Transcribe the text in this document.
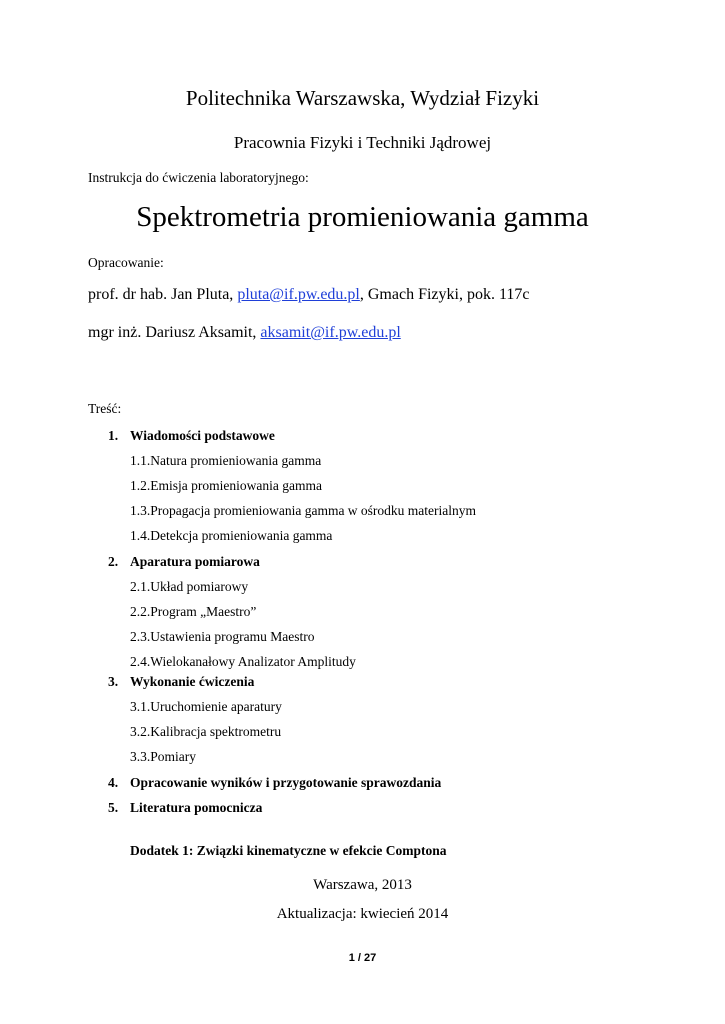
Politechnika Warszawska, Wydział Fizyki
Pracownia Fizyki i Techniki Jądrowej
Instrukcja do ćwiczenia laboratoryjnego:
Spektrometria promieniowania gamma
Opracowanie:
prof. dr hab. Jan Pluta, pluta@if.pw.edu.pl, Gmach Fizyki, pok. 117c
mgr inż. Dariusz Aksamit, aksamit@if.pw.edu.pl
Treść:
1. Wiadomości podstawowe
1.1.Natura promieniowania gamma
1.2.Emisja promieniowania gamma
1.3.Propagacja promieniowania gamma w ośrodku materialnym
1.4.Detekcja promieniowania gamma
2. Aparatura pomiarowa
2.1.Układ pomiarowy
2.2.Program „Maestro”
2.3.Ustawienia programu Maestro
2.4.Wielokanałowy Analizator Amplitudy
3. Wykonanie ćwiczenia
3.1.Uruchomienie aparatury
3.2.Kalibracja spektrometru
3.3.Pomiary
4. Opracowanie wyników i przygotowanie sprawozdania
5. Literatura pomocnicza
Dodatek 1: Związki kinematyczne w efekcie Comptona
Warszawa, 2013
Aktualizacja: kwiecień 2014
1 / 27
